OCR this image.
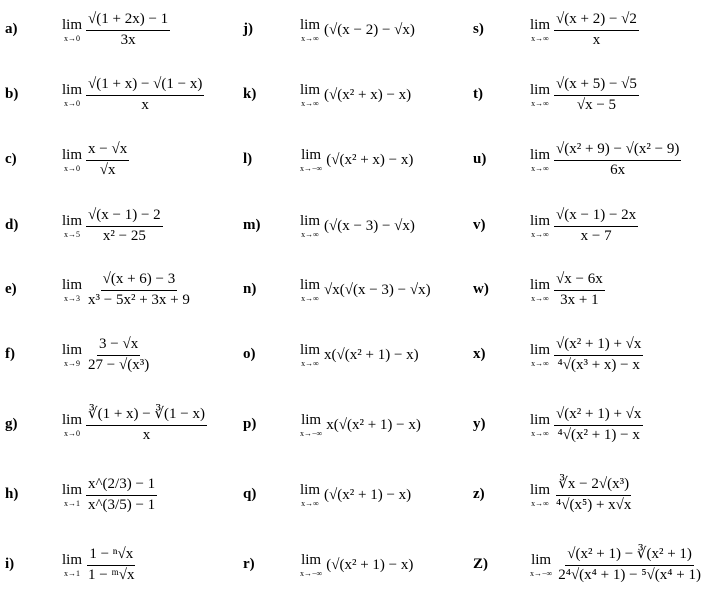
a)	lim
$x\to 0 \frac{√(1 + 2x) - 1}{3x}$
b)	lim
$x\to 0 \frac{√(1 + x) - √(1 - x)}{x}$
c)	lim
$x\to 0 \frac{x - √x}{√x}$
d)	lim
$x\to 5 \frac{√(x - 1) - 2}{\text{x² − 25}}$
e)	lim
$x\to 3 \frac{√(x + 6) - 3}{\text{x³ − 5x² + 3x + 9}}$
f)	lim
$x\to 9 \frac{3 - √x}{\text{27 − √(x³)}}$
g)	lim
$x\to 0 \frac{∛(1 + x) - ∛(1 - x)}{x}$
h)	lim
$x\to 1 \frac{x\^{}(2/3) - 1}{x\^{}(3/5) - 1}$
i)	lim
$x\to 1 \frac{\text{1 − ⁿ√x}}{\text{1 − ᵐ√x}}$
j)	lim
x→∞
(√(x − 2) − √x)
k)	lim
x→∞
(√(x² + x) − x)
l)	lim
x→−∞
(√(x² + x) − x)
m)	lim
x→∞
(√(x − 3) − √x)
n)	lim
x→∞
√x(√(x − 3) − √x)
o)	lim
x→∞
x(√(x² + 1) − x)
p)	lim
x→−∞
x(√(x² + 1) − x)
q)	lim
x→∞
(√(x² + 1) − x)
r)	lim
x→−∞
(√(x² + 1) − x)
s)	lim
$x\to\infty \frac{√(x + 2) - √2}{x}$
t)	lim
$x\to\infty \frac{√(x + 5) - √5}{√x - 5}$
u)	lim
$x\to\infty \frac{\text{√(x² + 9) − √(x² − 9)}}{6x}$
v)	lim
$x\to\infty \frac{√(x - 1) - 2x}{x - 7}$
w)	lim
$x\to\infty \frac{√x - 6x}{3x + 1}$
x)	lim
$x\to\infty \frac{\text{√(x² + 1) + √x}}{\text{⁴√(x³ + x) − x}}$
y)	lim
$x\to\infty \frac{\text{√(x² + 1) + √x}}{\text{⁴√(x² + 1) − x}}$
z)	lim
$x\to\infty \frac{\text{∛x − 2√(x³)}}{\text{⁴√(x⁵) + x√x}}$
Z)	lim
$x\to-\infty \frac{\text{√(x² + 1) − ∛(x² + 1)}}{\text{2⁴√(x⁴ + 1) − ⁵√(x⁴ + 1)}}$
